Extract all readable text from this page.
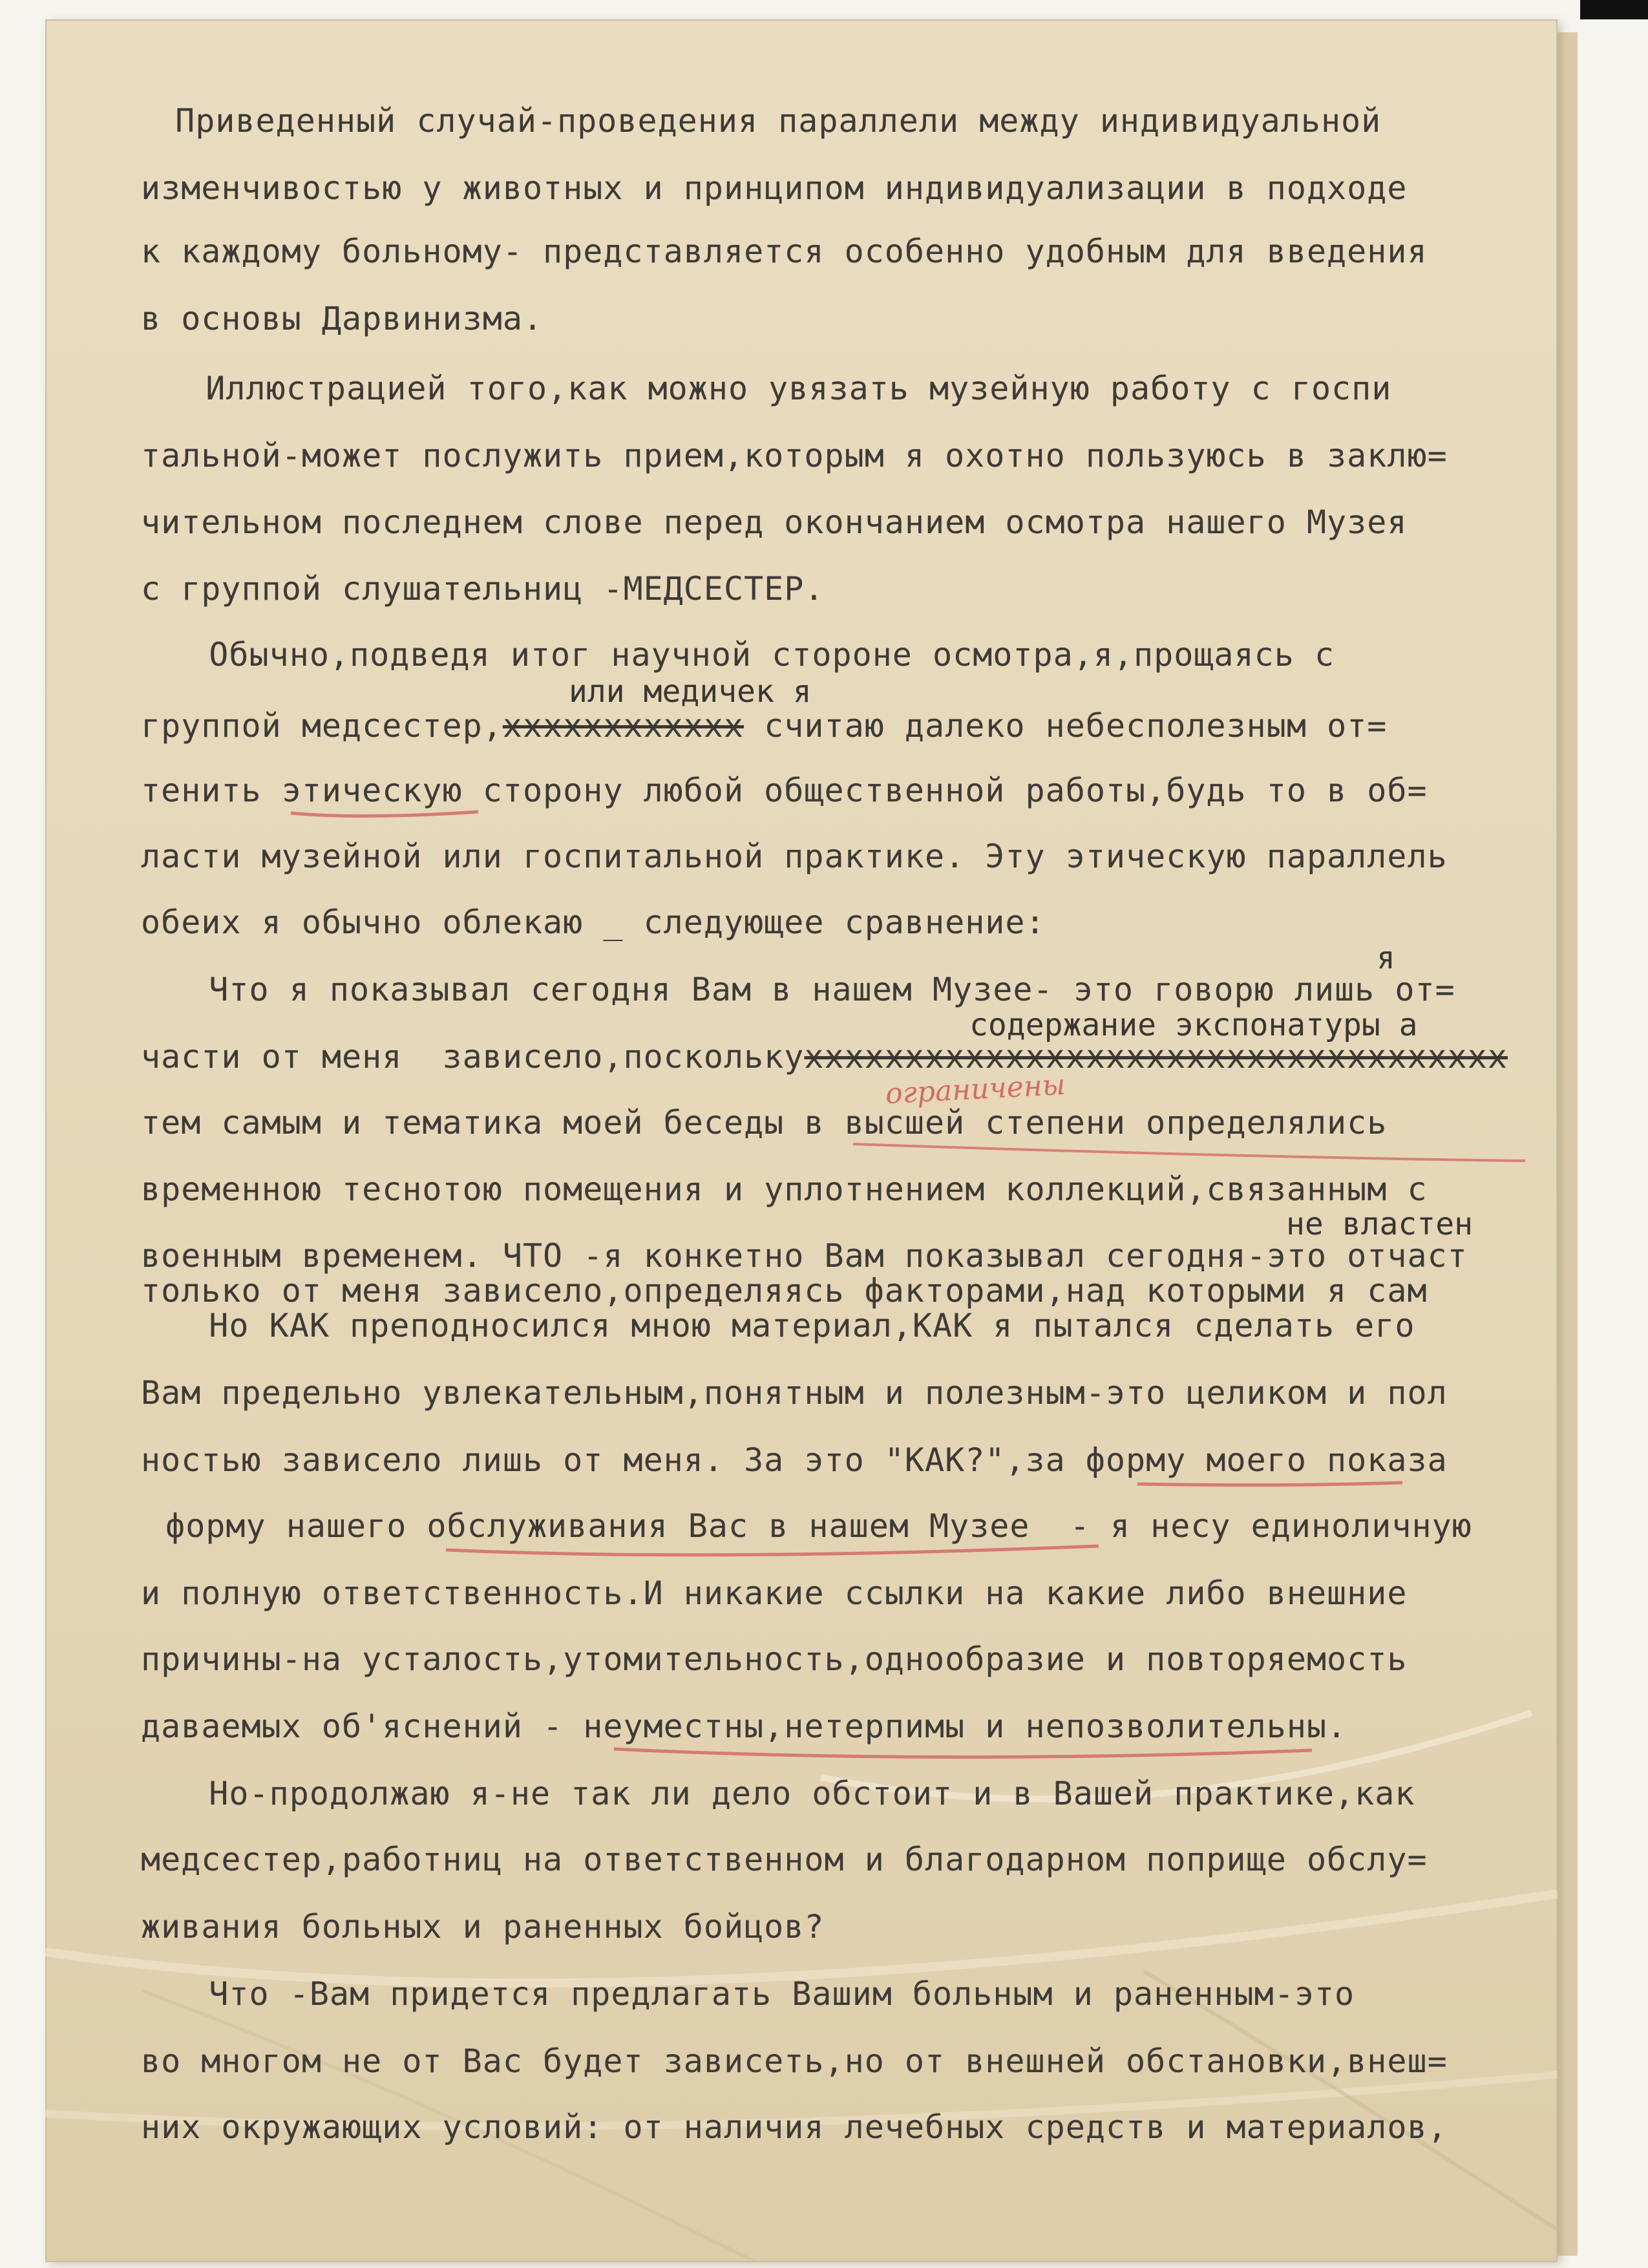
Приведенный случай-проведения параллели между индивидуальной
изменчивостью у животных и принципом индивидуализации в подходе
к каждому больному- представляется особенно удобным для введения
в основы Дарвинизма.
Иллюстрацией того,как можно увязать музейную работу с госпи
тальной-может послужить прием,которым я охотно пользуюсь в заклю=
чительном последнем слове перед окончанием осмотра нашего Музея
с группой слушательниц -МЕДСЕСТЕР.
Обычно,подведя итог научной стороне осмотра,я,прощаясь с
или медичек я
группой медсестер,xxxxxxxxxxxx считаю далеко небесполезным от=
тенить этическую сторону любой общественной работы,будь то в об=
ласти музейной или госпитальной практике. Эту этическую параллель
обеих я обычно облекаю _ следующее сравнение:
я
Что я показывал сегодня Вам в нашем Музее- это говорю лишь от=
содержание экспонатуры а
части от меня  зависело,посколькуxxxxxxxxxxxxxxxxxxxxxxxxxxxxxxxxxxx
ограничены
тем самым и тематика моей беседы в высшей степени определялись
временною теснотою помещения и уплотнением коллекций,связанным с
не властен
военным временем. ЧТО -я конкетно Вам показывал сегодня-это отчаст
только от меня зависело,определяясь факторами,над которыми я сам
Но КАК преподносился мною материал,КАК я пытался сделать его
Вам предельно увлекательным,понятным и полезным-это целиком и пол
ностью зависело лишь от меня. За это "КАК?",за форму моего показа
форму нашего обслуживания Вас в нашем Музее  - я несу единоличную
и полную ответственность.И никакие ссылки на какие либо внешние
причины-на усталость,утомительность,однообразие и повторяемость
даваемых об'яснений - неуместны,нетерпимы и непозволительны.
Но-продолжаю я-не так ли дело обстоит и в Вашей практике,как
медсестер,работниц на ответственном и благодарном поприще обслу=
живания больных и раненных бойцов?
Что -Вам придется предлагать Вашим больным и раненным-это
во многом не от Вас будет зависеть,но от внешней обстановки,внеш=
них окружающих условий: от наличия лечебных средств и материалов,
